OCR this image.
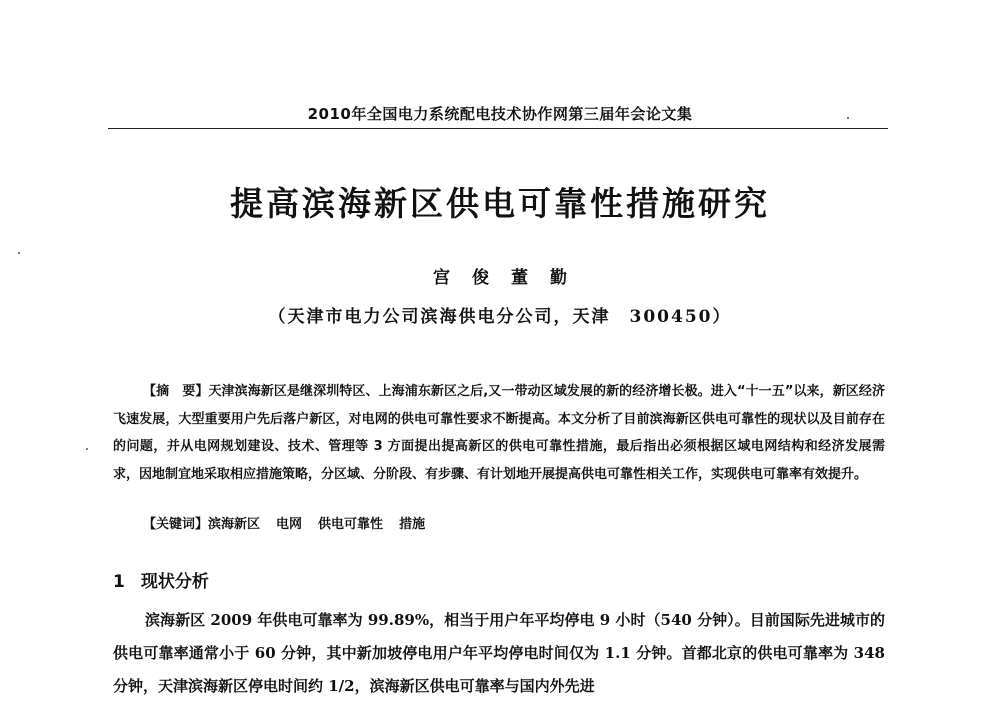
2010年全国电力系统配电技术协作网第三届年会论文集
提高滨海新区供电可靠性措施研究
宫俊董勤
（天津市电力公司滨海供电分公司，天津　300450）
【摘　要】天津滨海新区是继深圳特区、上海浦东新区之后,又一带动区域发展的新的经济增长极。进入“十一五”以来，新区经济飞速发展，大型重要用户先后落户新区，对电网的供电可靠性要求不断提高。本文分析了目前滨海新区供电可靠性的现状以及目前存在的问题，并从电网规划建设、技术、管理等 3 方面提出提高新区的供电可靠性措施，最后指出必须根据区域电网结构和经济发展需求，因地制宜地采取相应措施策略，分区域、分阶段、有步骤、有计划地开展提高供电可靠性相关工作，实现供电可靠率有效提升。
【关键词】滨海新区 电网 供电可靠性 措施
1 现状分析
滨海新区 2009 年供电可靠率为 99.89%，相当于用户年平均停电 9 小时（540 分钟）。目前国际先进城市的供电可靠率通常小于 60 分钟，其中新加坡停电用户年平均停电时间仅为 1.1 分钟。首都北京的供电可靠率为 348 分钟，天津滨海新区停电时间约 1/2，滨海新区供电可靠率与国内外先进
